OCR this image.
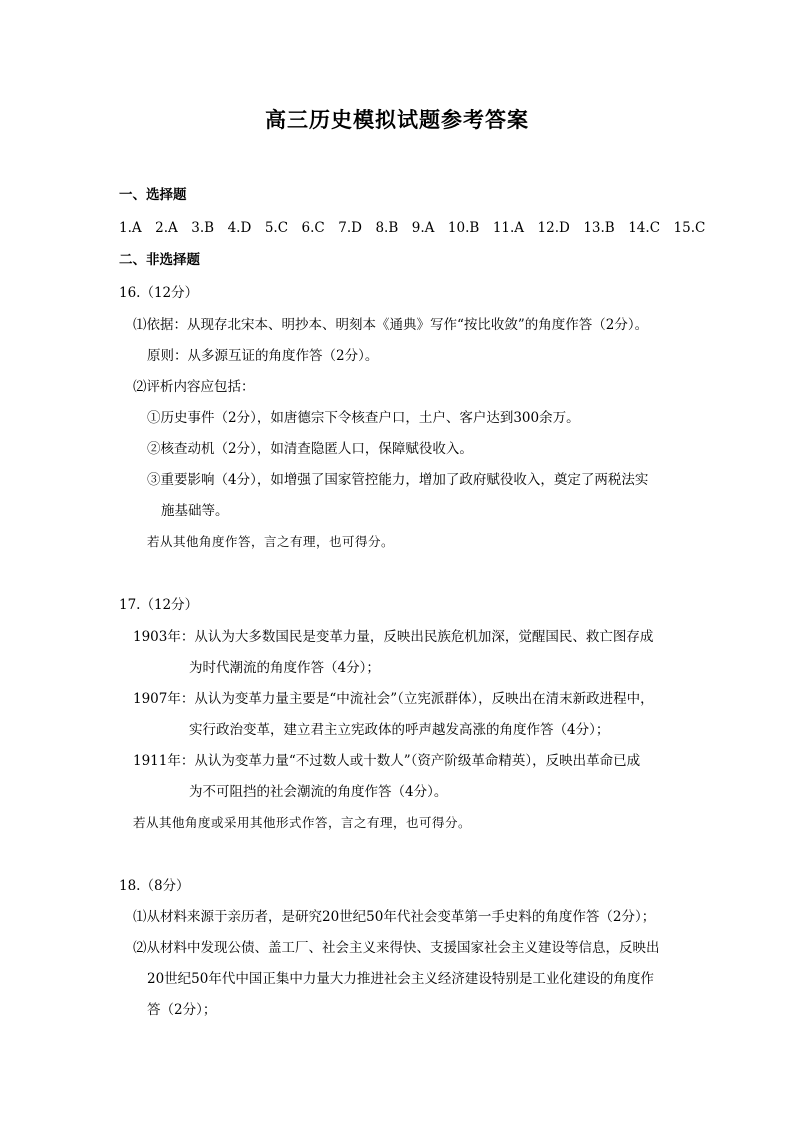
高三历史模拟试题参考答案
一、选择题
1.A 2.A 3.B 4.D 5.C 6.C 7.D 8.B 9.A 10.B 11.A 12.D 13.B 14.C 15.C
二、非选择题
16.（12分）
⑴依据：从现存北宋本、明抄本、明刻本《通典》写作“按比收敛”的角度作答（2分）。
原则：从多源互证的角度作答（2分）。
⑵评析内容应包括：
①历史事件（2分），如唐德宗下令核查户口，土户、客户达到300余万。
②核查动机（2分），如清查隐匿人口，保障赋役收入。
③重要影响（4分），如增强了国家管控能力，增加了政府赋役收入，奠定了两税法实
施基础等。
若从其他角度作答，言之有理，也可得分。
17.（12分）
1903年：从认为大多数国民是变革力量，反映出民族危机加深，觉醒国民、救亡图存成
为时代潮流的角度作答（4分）；
1907年：从认为变革力量主要是“中流社会”（立宪派群体），反映出在清末新政进程中，
实行政治变革，建立君主立宪政体的呼声越发高涨的角度作答（4分）；
1911年：从认为变革力量“不过数人或十数人”（资产阶级革命精英），反映出革命已成
为不可阻挡的社会潮流的角度作答（4分）。
若从其他角度或采用其他形式作答，言之有理，也可得分。
18.（8分）
⑴从材料来源于亲历者，是研究20世纪50年代社会变革第一手史料的角度作答（2分）；
⑵从材料中发现公债、盖工厂、社会主义来得快、支援国家社会主义建设等信息，反映出
20世纪50年代中国正集中力量大力推进社会主义经济建设特别是工业化建设的角度作
答（2分）；
